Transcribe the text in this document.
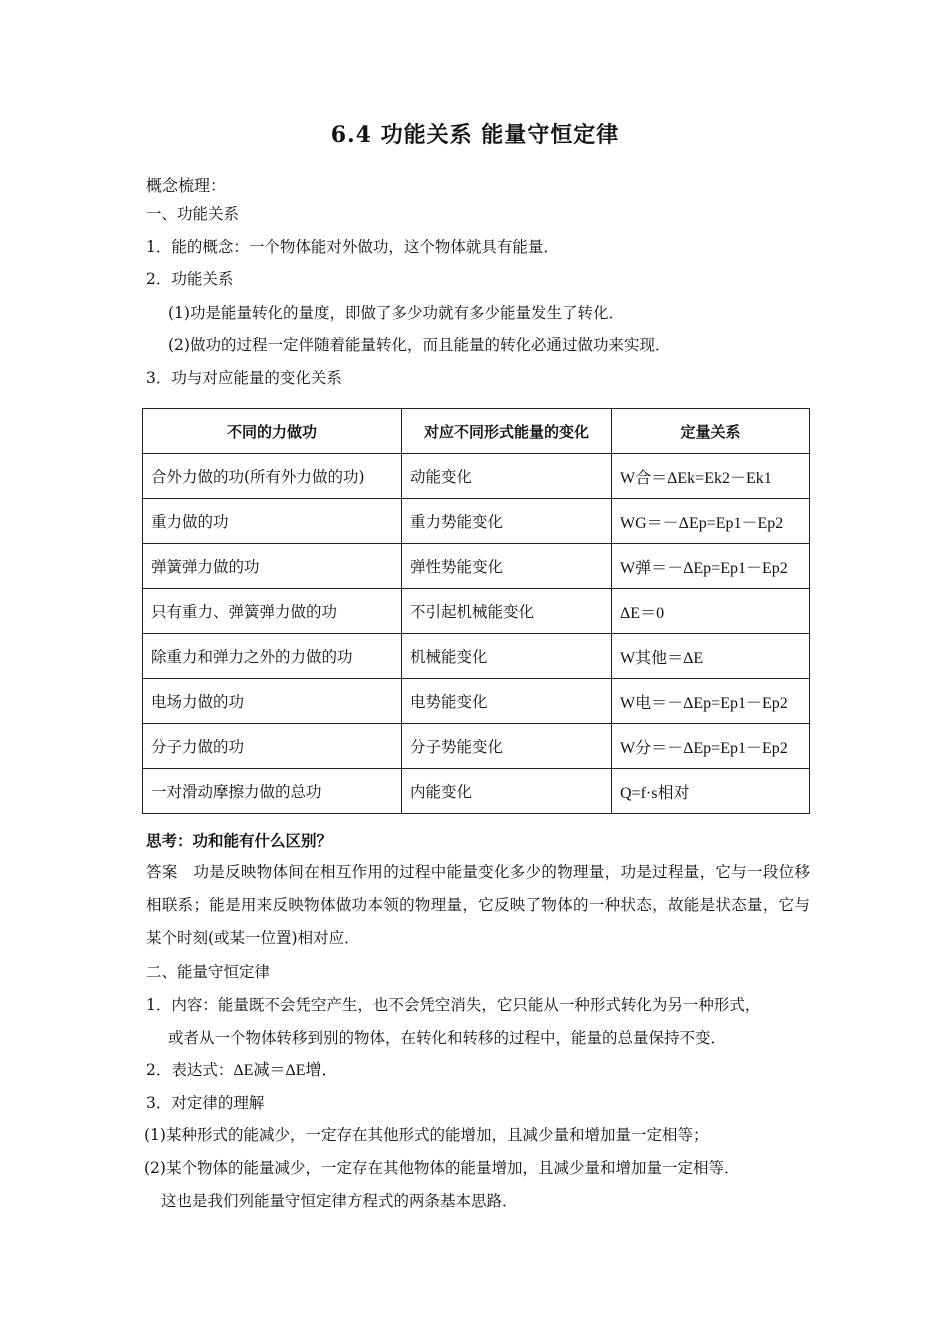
6.4 功能关系 能量守恒定律
概念梳理：
一、功能关系
1．能的概念：一个物体能对外做功，这个物体就具有能量．
2．功能关系
(1)功是能量转化的量度，即做了多少功就有多少能量发生了转化．
(2)做功的过程一定伴随着能量转化，而且能量的转化必通过做功来实现．
3．功与对应能量的变化关系
不同的力做功	对应不同形式能量的变化	定量关系
合外力做的功(所有外力做的功)	动能变化	W合＝ΔEk=Ek2－Ek1
重力做的功	重力势能变化	WG＝－ΔEp=Ep1－Ep2
弹簧弹力做的功	弹性势能变化	W弹＝－ΔEp=Ep1－Ep2
只有重力、弹簧弹力做的功	不引起机械能变化	ΔE＝0
除重力和弹力之外的力做的功	机械能变化	W其他＝ΔE
电场力做的功	电势能变化	W电＝－ΔEp=Ep1－Ep2
分子力做的功	分子势能变化	W分＝－ΔEp=Ep1－Ep2
一对滑动摩擦力做的总功	内能变化	Q=f·s相对
思考：功和能有什么区别？
答案　功是反映物体间在相互作用的过程中能量变化多少的物理量，功是过程量，它与一段位移相联系；能是用来反映物体做功本领的物理量，它反映了物体的一种状态，故能是状态量，它与某个时刻(或某一位置)相对应．
二、能量守恒定律
1．内容：能量既不会凭空产生，也不会凭空消失，它只能从一种形式转化为另一种形式，
或者从一个物体转移到别的物体，在转化和转移的过程中，能量的总量保持不变．
2．表达式：ΔE减＝ΔE增．
3．对定律的理解
(1)某种形式的能减少，一定存在其他形式的能增加，且减少量和增加量一定相等；
(2)某个物体的能量减少，一定存在其他物体的能量增加，且减少量和增加量一定相等．
这也是我们列能量守恒定律方程式的两条基本思路．
